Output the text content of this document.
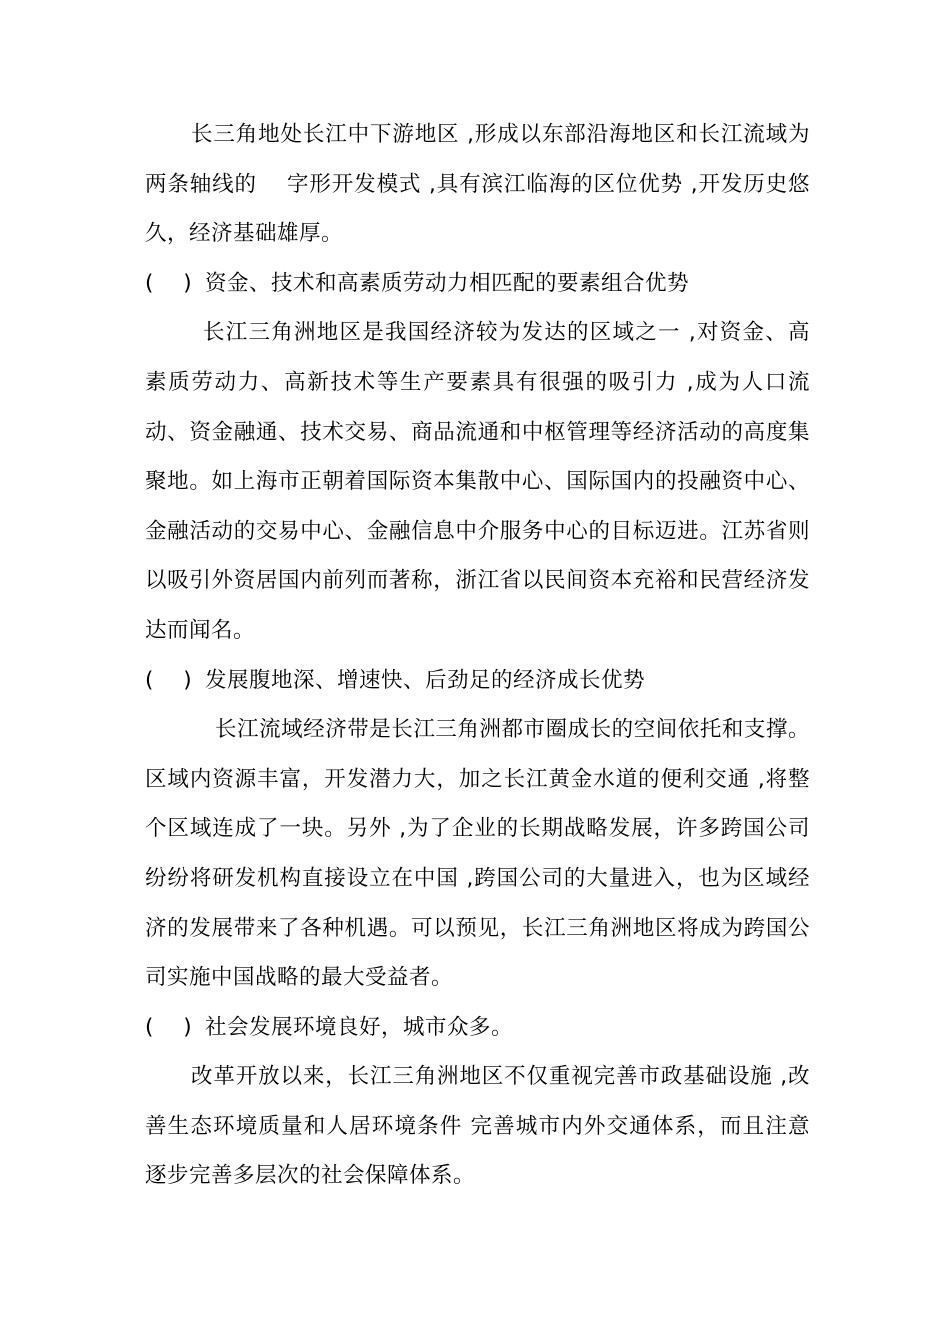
长三角地处长江中下游地区 ,形成以东部沿海地区和长江流域为两条轴线的　 字形开发模式 ,具有滨江临海的区位优势 ,开发历史悠久，经济基础雄厚。

(　 ) 资金、技术和高素质劳动力相匹配的要素组合优势

长江三角洲地区是我国经济较为发达的区域之一 ,对资金、高素质劳动力、高新技术等生产要素具有很强的吸引力 ,成为人口流动、资金融通、技术交易、商品流通和中枢管理等经济活动的高度集聚地。如上海市正朝着国际资本集散中心、国际国内的投融资中心、金融活动的交易中心、金融信息中介服务中心的目标迈进。江苏省则以吸引外资居国内前列而著称，浙江省以民间资本充裕和民营经济发达而闻名。

(　 ) 发展腹地深、增速快、后劲足的经济成长优势

长江流域经济带是长江三角洲都市圈成长的空间依托和支撑。区域内资源丰富，开发潜力大，加之长江黄金水道的便利交通 ,将整个区域连成了一块。另外 ,为了企业的长期战略发展，许多跨国公司纷纷将研发机构直接设立在中国 ,跨国公司的大量进入，也为区域经济的发展带来了各种机遇。可以预见，长江三角洲地区将成为跨国公司实施中国战略的最大受益者。

(　 ) 社会发展环境良好，城市众多。

改革开放以来，长江三角洲地区不仅重视完善市政基础设施 ,改善生态环境质量和人居环境条件 完善城市内外交通体系，而且注意逐步完善多层次的社会保障体系。
